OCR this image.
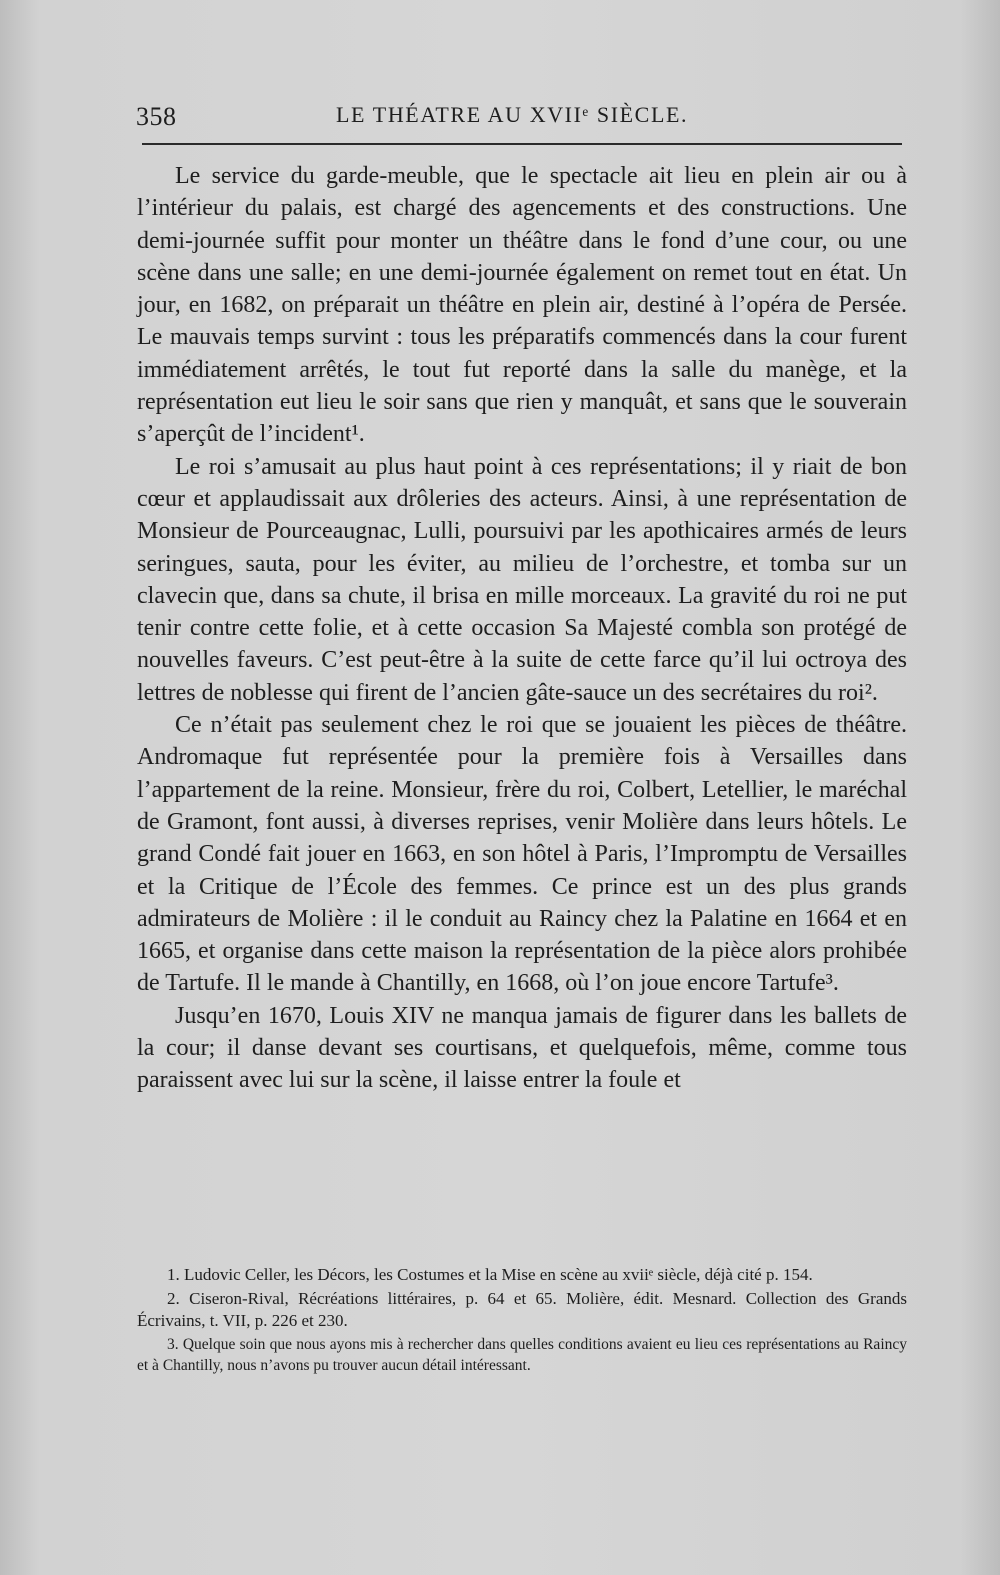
358	LE THÉATRE AU XVIIᵉ SIÈCLE.

Le service du garde-meuble, que le spectacle ait lieu en plein air ou à l’intérieur du palais, est chargé des agencements et des constructions. Une demi-journée suffit pour monter un théâtre dans le fond d’une cour, ou une scène dans une salle; en une demi-journée également on remet tout en état. Un jour, en 1682, on préparait un théâtre en plein air, destiné à l’opéra de Persée. Le mauvais temps survint : tous les préparatifs commencés dans la cour furent immédiatement arrêtés, le tout fut reporté dans la salle du manège, et la représentation eut lieu le soir sans que rien y manquât, et sans que le souverain s’aperçût de l’incident¹.

Le roi s’amusait au plus haut point à ces représentations; il y riait de bon cœur et applaudissait aux drôleries des acteurs. Ainsi, à une représentation de Monsieur de Pourceaugnac, Lulli, poursuivi par les apothicaires armés de leurs seringues, sauta, pour les éviter, au milieu de l’orchestre, et tomba sur un clavecin que, dans sa chute, il brisa en mille morceaux. La gravité du roi ne put tenir contre cette folie, et à cette occasion Sa Majesté combla son protégé de nouvelles faveurs. C’est peut-être à la suite de cette farce qu’il lui octroya des lettres de noblesse qui firent de l’ancien gâte-sauce un des secrétaires du roi².

Ce n’était pas seulement chez le roi que se jouaient les pièces de théâtre. Andromaque fut représentée pour la première fois à Versailles dans l’appartement de la reine. Monsieur, frère du roi, Colbert, Letellier, le maréchal de Gramont, font aussi, à diverses reprises, venir Molière dans leurs hôtels. Le grand Condé fait jouer en 1663, en son hôtel à Paris, l’Impromptu de Versailles et la Critique de l’École des femmes. Ce prince est un des plus grands admirateurs de Molière : il le conduit au Raincy chez la Palatine en 1664 et en 1665, et organise dans cette maison la représentation de la pièce alors prohibée de Tartufe. Il le mande à Chantilly, en 1668, où l’on joue encore Tartufe³.

Jusqu’en 1670, Louis XIV ne manqua jamais de figurer dans les ballets de la cour; il danse devant ses courtisans, et quelquefois, même, comme tous paraissent avec lui sur la scène, il laisse entrer la foule et

1. Ludovic Celler, les Décors, les Costumes et la Mise en scène au xviiᵉ siècle, déjà cité p. 154.

2. Ciseron-Rival, Récréations littéraires, p. 64 et 65. Molière, édit. Mesnard. Collection des Grands Écrivains, t. VII, p. 226 et 230.

3. Quelque soin que nous ayons mis à rechercher dans quelles conditions avaient eu lieu ces représentations au Raincy et à Chantilly, nous n’avons pu trouver aucun détail intéressant.
